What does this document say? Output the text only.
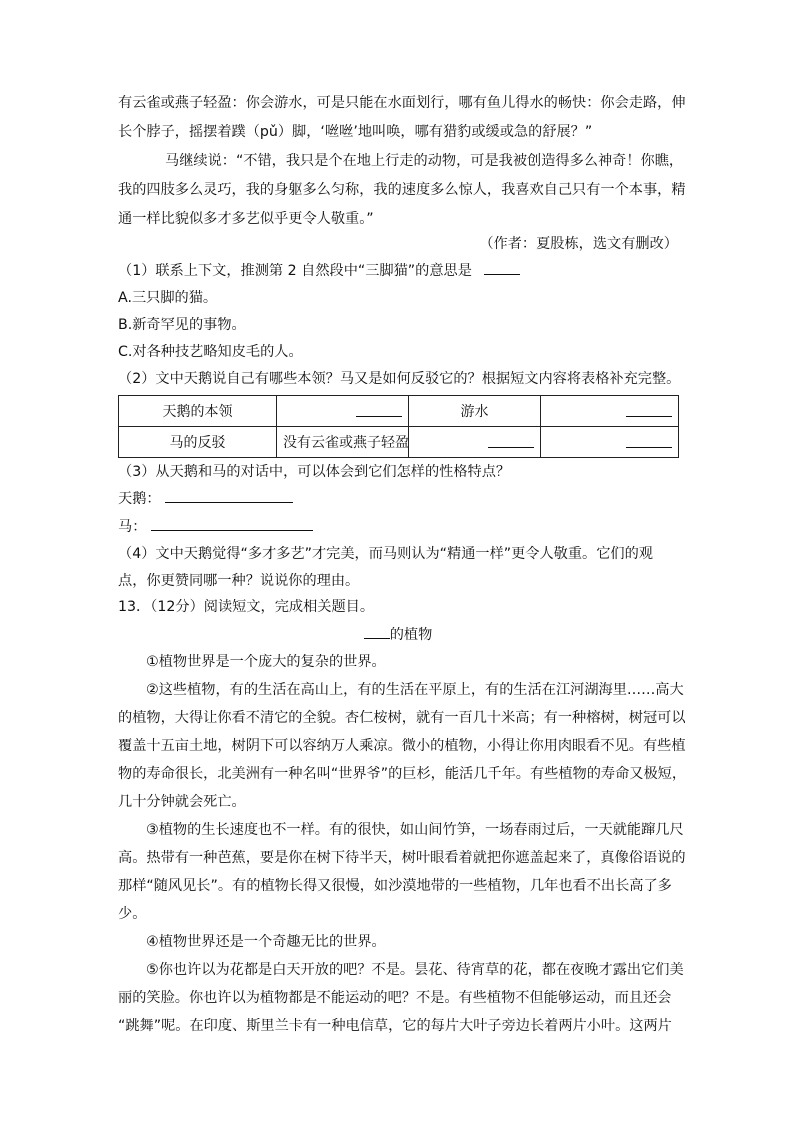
有云雀或燕子轻盈：你会游水，可是只能在水面划行，哪有鱼儿得水的畅快：你会走路，伸
长个脖子，摇摆着蹼（pǔ）脚，‘咝咝’地叫唤，哪有猎豹或缓或急的舒展？”
马继续说：“不错，我只是个在地上行走的动物，可是我被创造得多么神奇！你瞧，
我的四肢多么灵巧，我的身躯多么匀称，我的速度多么惊人，我喜欢自己只有一个本事，精
通一样比貌似多才多艺似乎更令人敬重。”
（作者：夏股栋，选文有删改）
（1）联系上下文，推测第 2 自然段中“三脚猫”的意思是
A.三只脚的猫。
B.新奇罕见的事物。
C.对各种技艺略知皮毛的人。
（2）文中天鹅说自己有哪些本领？马又是如何反驳它的？根据短文内容将表格补充完整。
天鹅的本领		游水	
马的反驳	没有云雀或燕子轻盈		
（3）从天鹅和马的对话中，可以体会到它们怎样的性格特点？
天鹅：
马：
（4）文中天鹅觉得“多才多艺”才完美，而马则认为“精通一样”更令人敬重。它们的观
点，你更赞同哪一种？说说你的理由。
13．（12分）阅读短文，完成相关题目。
的植物
①植物世界是一个庞大的复杂的世界。
②这些植物，有的生活在高山上，有的生活在平原上，有的生活在江河湖海里……高大
的植物，大得让你看不清它的全貌。杏仁桉树，就有一百几十米高；有一种榕树，树冠可以
覆盖十五亩土地，树阴下可以容纳万人乘凉。微小的植物，小得让你用肉眼看不见。有些植
物的寿命很长，北美洲有一种名叫“世界爷”的巨杉，能活几千年。有些植物的寿命又极短，
几十分钟就会死亡。
③植物的生长速度也不一样。有的很快，如山间竹笋，一场春雨过后，一天就能蹿几尺
高。热带有一种芭蕉，要是你在树下待半天，树叶眼看着就把你遮盖起来了，真像俗语说的
那样“随风见长”。有的植物长得又很慢，如沙漠地带的一些植物，几年也看不出长高了多
少。
④植物世界还是一个奇趣无比的世界。
⑤你也许以为花都是白天开放的吧？不是。昙花、待宵草的花，都在夜晚才露出它们美
丽的笑脸。你也许以为植物都是不能运动的吧？不是。有些植物不但能够运动，而且还会
“跳舞”呢。在印度、斯里兰卡有一种电信草，它的每片大叶子旁边长着两片小叶。这两片
